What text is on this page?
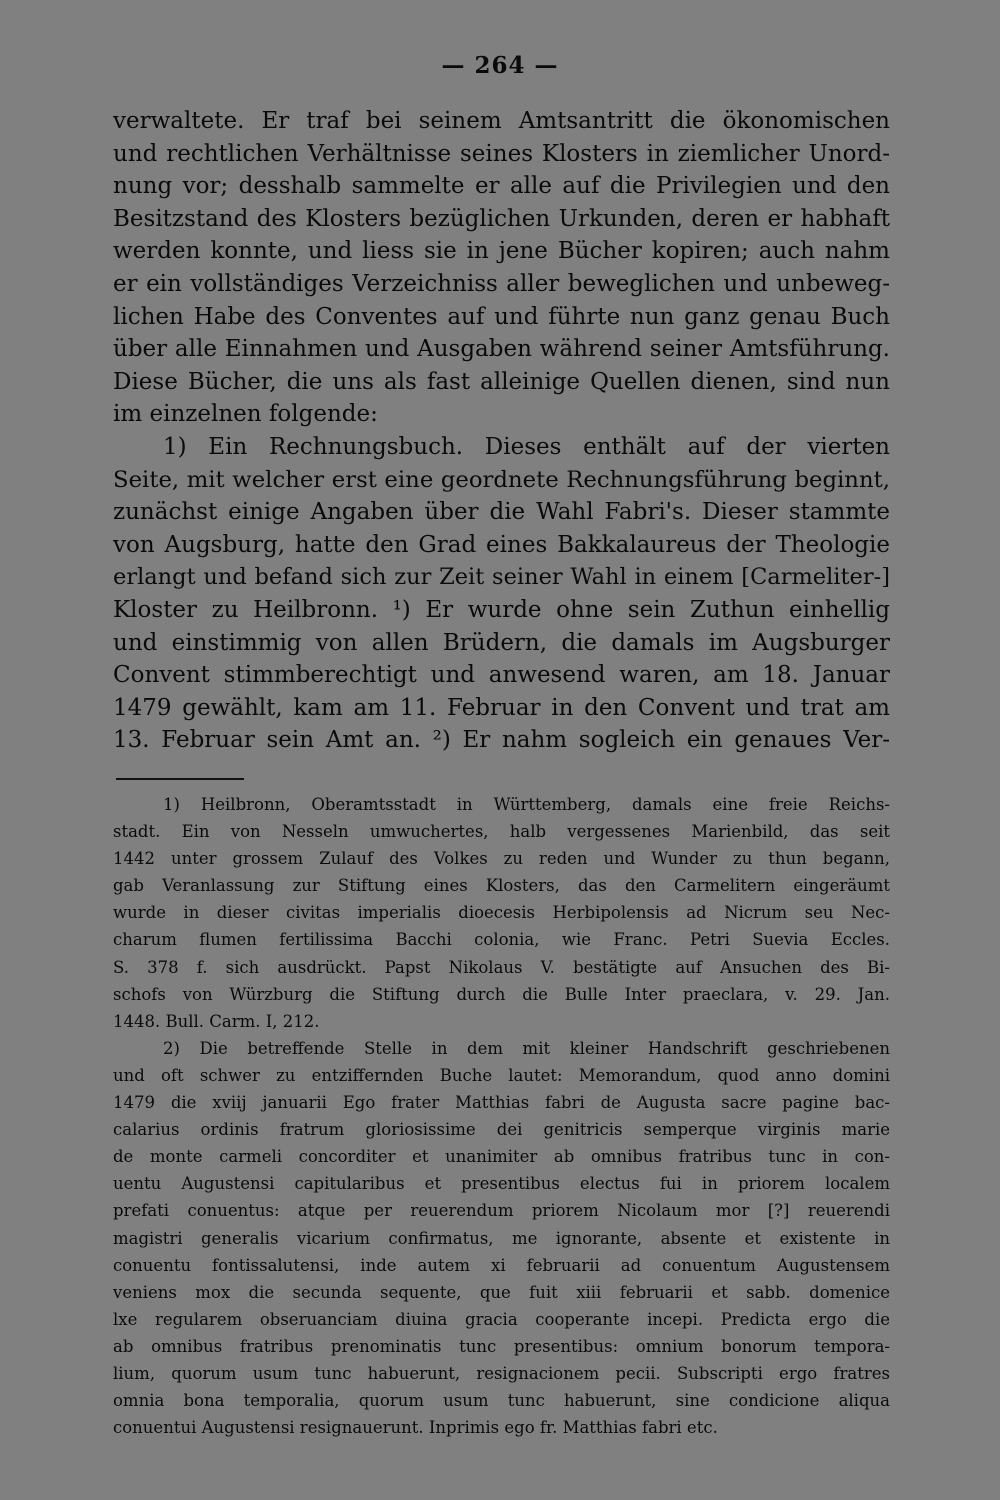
— 264 —
verwaltete. Er traf bei seinem Amtsantritt die ökonomischen
und rechtlichen Verhältnisse seines Klosters in ziemlicher Unord-
nung vor; desshalb sammelte er alle auf die Privilegien und den
Besitzstand des Klosters bezüglichen Urkunden, deren er habhaft
werden konnte, und liess sie in jene Bücher kopiren; auch nahm
er ein vollständiges Verzeichniss aller beweglichen und unbeweg-
lichen Habe des Conventes auf und führte nun ganz genau Buch
über alle Einnahmen und Ausgaben während seiner Amtsführung.
Diese Bücher, die uns als fast alleinige Quellen dienen, sind nun
im einzelnen folgende:
1) Ein Rechnungsbuch. Dieses enthält auf der vierten
Seite, mit welcher erst eine geordnete Rechnungsführung beginnt,
zunächst einige Angaben über die Wahl Fabri's. Dieser stammte
von Augsburg, hatte den Grad eines Bakkalaureus der Theologie
erlangt und befand sich zur Zeit seiner Wahl in einem [Carmeliter-]
Kloster zu Heilbronn. ¹) Er wurde ohne sein Zuthun einhellig
und einstimmig von allen Brüdern, die damals im Augsburger
Convent stimmberechtigt und anwesend waren, am 18. Januar
1479 gewählt, kam am 11. Februar in den Convent und trat am
13. Februar sein Amt an. ²) Er nahm sogleich ein genaues Ver-
1) Heilbronn, Oberamtsstadt in Württemberg, damals eine freie Reichs-
stadt. Ein von Nesseln umwuchertes, halb vergessenes Marienbild, das seit
1442 unter grossem Zulauf des Volkes zu reden und Wunder zu thun begann,
gab Veranlassung zur Stiftung eines Klosters, das den Carmelitern eingeräumt
wurde in dieser civitas imperialis dioecesis Herbipolensis ad Nicrum seu Nec-
charum flumen fertilissima Bacchi colonia, wie Franc. Petri Suevia Eccles.
S. 378 f. sich ausdrückt. Papst Nikolaus V. bestätigte auf Ansuchen des Bi-
schofs von Würzburg die Stiftung durch die Bulle Inter praeclara, v. 29. Jan.
1448. Bull. Carm. I, 212.
2) Die betreffende Stelle in dem mit kleiner Handschrift geschriebenen
und oft schwer zu entziffernden Buche lautet: Memorandum, quod anno domini
1479 die xviij januarii Ego frater Matthias fabri de Augusta sacre pagine bac-
calarius ordinis fratrum gloriosissime dei genitricis semperque virginis marie
de monte carmeli concorditer et unanimiter ab omnibus fratribus tunc in con-
uentu Augustensi capitularibus et presentibus electus fui in priorem localem
prefati conuentus: atque per reuerendum priorem Nicolaum mor [?] reuerendi
magistri generalis vicarium confirmatus, me ignorante, absente et existente in
conuentu fontissalutensi, inde autem xi februarii ad conuentum Augustensem
veniens mox die secunda sequente, que fuit xiii februarii et sabb. domenice
lxe regularem obseruanciam diuina gracia cooperante incepi. Predicta ergo die
ab omnibus fratribus prenominatis tunc presentibus: omnium bonorum tempora-
lium, quorum usum tunc habuerunt, resignacionem pecii. Subscripti ergo fratres
omnia bona temporalia, quorum usum tunc habuerunt, sine condicione aliqua
conuentui Augustensi resignauerunt. Inprimis ego fr. Matthias fabri etc.
